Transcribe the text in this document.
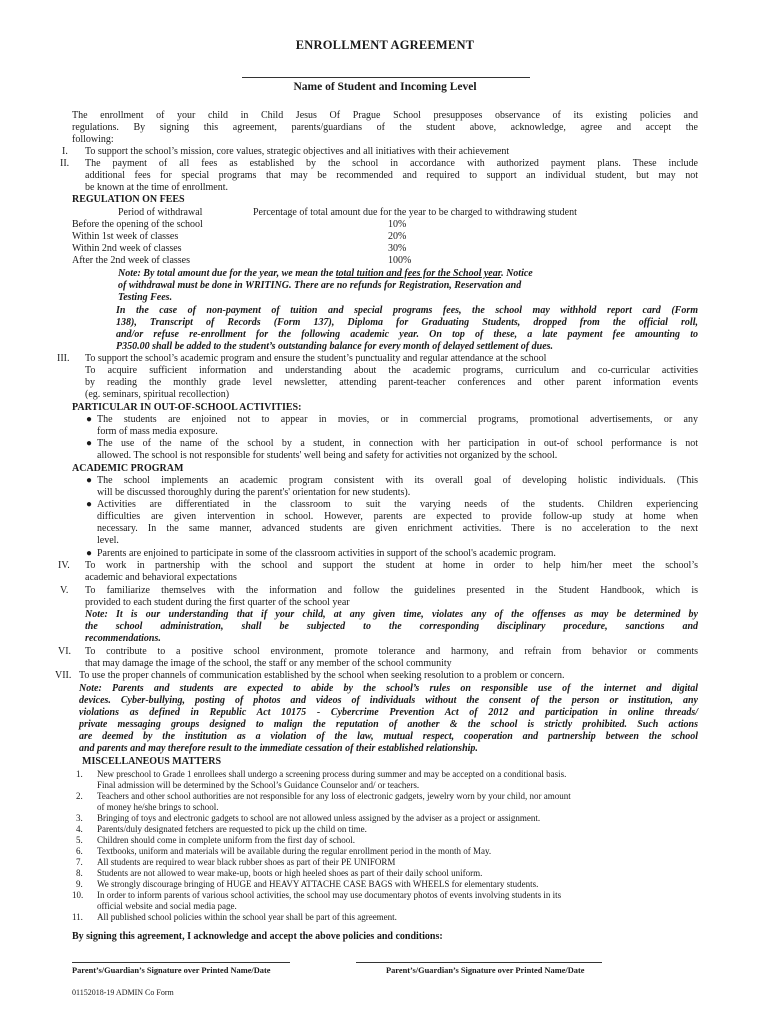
ENROLLMENT AGREEMENT
Name of Student and Incoming Level
The enrollment of your child in Child Jesus Of Prague School presupposes observance of its existing policies and
regulations. By signing this agreement, parents/guardians of the student above, acknowledge, agree and accept the
following:
I. To support the school’s mission, core values, strategic objectives and all initiatives with their achievement
II. The payment of all fees as established by the school in accordance with authorized payment plans. These include
additional fees for special programs that may be recommended and required to support an individual student, but may not
be known at the time of enrollment.
REGULATION ON FEES
Period of withdrawal	Percentage of total amount due for the year to be charged to withdrawing student
Before the opening of the school	10%
Within 1st week of classes	20%
Within 2nd week of classes	30%
After the 2nd week of classes	100%
Note: By total amount due for the year, we mean the total tuition and fees for the School year. Notice
of withdrawal must be done in WRITING. There are no refunds for Registration, Reservation and
Testing Fees.
In the case of non-payment of tuition and special programs fees, the school may withhold report card (Form
138), Transcript of Records (Form 137), Diploma for Graduating Students, dropped from the official roll,
and/or refuse re-enrollment for the following academic year. On top of these, a late payment fee amounting to
P350.00 shall be added to the student’s outstanding balance for every month of delayed settlement of dues.
III. To support the school’s academic program and ensure the student’s punctuality and regular attendance at the school
To acquire sufficient information and understanding about the academic programs, curriculum and co-curricular activities
by reading the monthly grade level newsletter, attending parent-teacher conferences and other parent information events
(eg. seminars, spiritual recollection)
PARTICULAR IN OUT-OF-SCHOOL ACTIVITIES:
● The students are enjoined not to appear in movies, or in commercial programs, promotional advertisements, or any
form of mass media exposure.
● The use of the name of the school by a student, in connection with her participation in out-of school performance is not
allowed. The school is not responsible for students' well being and safety for activities not organized by the school.
ACADEMIC PROGRAM
● The school implements an academic program consistent with its overall goal of developing holistic individuals. (This
will be discussed thoroughly during the parent's' orientation for new students).
● Activities are differentiated in the classroom to suit the varying needs of the students. Children experiencing
difficulties are given intervention in school. However, parents are expected to provide follow-up study at home when
necessary. In the same manner, advanced students are given enrichment activities. There is no acceleration to the next
level.
● Parents are enjoined to participate in some of the classroom activities in support of the school's academic program.
IV. To work in partnership with the school and support the student at home in order to help him/her meet the school’s
academic and behavioral expectations
V. To familiarize themselves with the information and follow the guidelines presented in the Student Handbook, which is
provided to each student during the first quarter of the school year
Note: It is our understanding that if your child, at any given time, violates any of the offenses as may be determined by
the school administration, shall be subjected to the corresponding disciplinary procedure, sanctions and
recommendations.
VI. To contribute to a positive school environment, promote tolerance and harmony, and refrain from behavior or comments
that may damage the image of the school, the staff or any member of the school community
VII. To use the proper channels of communication established by the school when seeking resolution to a problem or concern.
Note: Parents and students are expected to abide by the school’s rules on responsible use of the internet and digital
devices. Cyber-bullying, posting of photos and videos of individuals without the consent of the person or institution, any
violations as defined in Republic Act 10175 - Cybercrime Prevention Act of 2012 and participation in online threads/
private messaging groups designed to malign the reputation of another & the school is strictly prohibited. Such actions
are deemed by the institution as a violation of the law, mutual respect, cooperation and partnership between the school
and parents and may therefore result to the immediate cessation of their established relationship.
MISCELLANEOUS MATTERS
1. New preschool to Grade 1 enrollees shall undergo a screening process during summer and may be accepted on a conditional basis.
Final admission will be determined by the School’s Guidance Counselor and/ or teachers.
2. Teachers and other school authorities are not responsible for any loss of electronic gadgets, jewelry worn by your child, nor amount
of money he/she brings to school.
3. Bringing of toys and electronic gadgets to school are not allowed unless assigned by the adviser as a project or assignment.
4. Parents/duly designated fetchers are requested to pick up the child on time.
5. Children should come in complete uniform from the first day of school.
6. Textbooks, uniform and materials will be available during the regular enrollment period in the month of May.
7. All students are required to wear black rubber shoes as part of their PE UNIFORM
8. Students are not allowed to wear make-up, boots or high heeled shoes as part of their daily school uniform.
9. We strongly discourage bringing of HUGE and HEAVY ATTACHE CASE BAGS with WHEELS for elementary students.
10. In order to inform parents of various school activities, the school may use documentary photos of events involving students in its
official website and social media page.
11. All published school policies within the school year shall be part of this agreement.
By signing this agreement, I acknowledge and accept the above policies and conditions:
Parent’s/Guardian’s Signature over Printed Name/Date	Parent’s/Guardian’s Signature over Printed Name/Date
01152018-19 ADMIN Co Form
